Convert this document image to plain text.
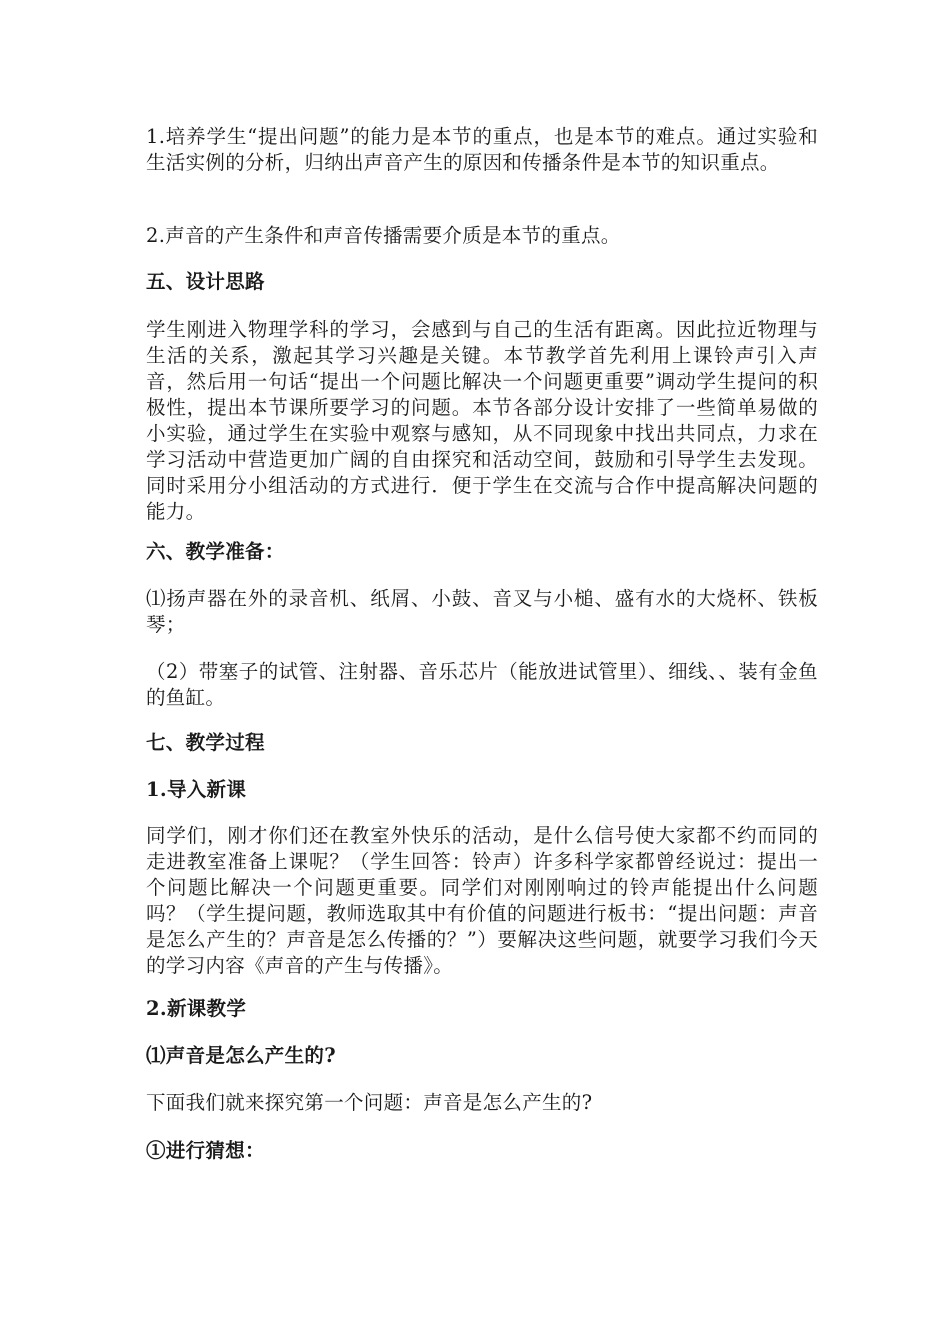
1.培养学生“提出问题”的能力是本节的重点，也是本节的难点。通过实验和生活实例的分析，归纳出声音产生的原因和传播条件是本节的知识重点。

2.声音的产生条件和声音传播需要介质是本节的重点。

五、设计思路

学生刚进入物理学科的学习，会感到与自己的生活有距离。因此拉近物理与生活的关系，激起其学习兴趣是关键。本节教学首先利用上课铃声引入声音，然后用一句话“提出一个问题比解决一个问题更重要”调动学生提问的积极性，提出本节课所要学习的问题。本节各部分设计安排了一些简单易做的小实验，通过学生在实验中观察与感知，从不同现象中找出共同点，力求在学习活动中营造更加广阔的自由探究和活动空间，鼓励和引导学生去发现。同时采用分小组活动的方式进行．便于学生在交流与合作中提高解决问题的能力。

六、教学准备：

⑴扬声器在外的录音机、纸屑、小鼓、音叉与小槌、盛有水的大烧杯、铁板琴；

（2）带塞子的试管、注射器、音乐芯片（能放进试管里）、细线、、装有金鱼的鱼缸。

七、教学过程

1.导入新课

同学们，刚才你们还在教室外快乐的活动，是什么信号使大家都不约而同的走进教室准备上课呢？（学生回答：铃声）许多科学家都曾经说过：提出一个问题比解决一个问题更重要。同学们对刚刚响过的铃声能提出什么问题吗？（学生提问题，教师选取其中有价值的问题进行板书：“提出问题：声音是怎么产生的？声音是怎么传播的？”）要解决这些问题，就要学习我们今天的学习内容《声音的产生与传播》。

2.新课教学

⑴声音是怎么产生的?

下面我们就来探究第一个问题：声音是怎么产生的?

①进行猜想：
